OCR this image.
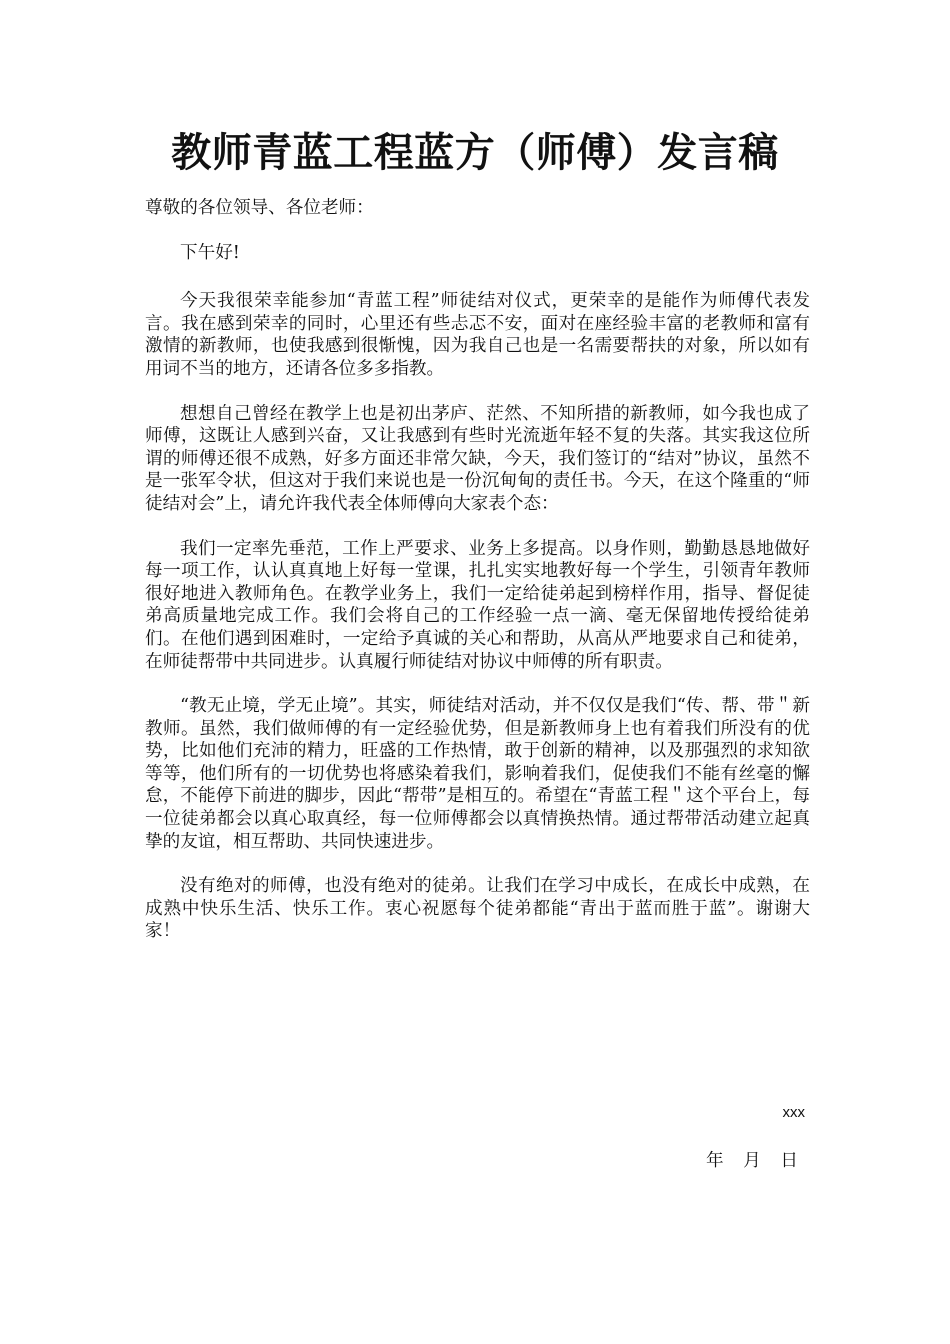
教师青蓝工程蓝方（师傅）发言稿

尊敬的各位领导、各位老师：

下午好!

今天我很荣幸能参加“青蓝工程”师徒结对仪式，更荣幸的是能作为师傅代表发言。我在感到荣幸的同时，心里还有些忐忑不安，面对在座经验丰富的老教师和富有激情的新教师，也使我感到很惭愧，因为我自己也是一名需要帮扶的对象，所以如有用词不当的地方，还请各位多多指教。

想想自己曾经在教学上也是初出茅庐、茫然、不知所措的新教师，如今我也成了师傅，这既让人感到兴奋，又让我感到有些时光流逝年轻不复的失落。其实我这位所谓的师傅还很不成熟，好多方面还非常欠缺，今天，我们签订的“结对”协议，虽然不是一张军令状，但这对于我们来说也是一份沉甸甸的责任书。今天，在这个隆重的“师徒结对会”上，请允许我代表全体师傅向大家表个态：

我们一定率先垂范，工作上严要求、业务上多提高。以身作则，勤勤恳恳地做好每一项工作，认认真真地上好每一堂课，扎扎实实地教好每一个学生，引领青年教师很好地进入教师角色。在教学业务上，我们一定给徒弟起到榜样作用，指导、督促徒弟高质量地完成工作。我们会将自己的工作经验一点一滴、毫无保留地传授给徒弟们。在他们遇到困难时，一定给予真诚的关心和帮助，从高从严地要求自己和徒弟，在师徒帮带中共同进步。认真履行师徒结对协议中师傅的所有职责。

“教无止境，学无止境”。其实，师徒结对活动，并不仅仅是我们“传、帮、带＂新教师。虽然，我们做师傅的有一定经验优势，但是新教师身上也有着我们所没有的优势，比如他们充沛的精力，旺盛的工作热情，敢于创新的精神，以及那强烈的求知欲等等，他们所有的一切优势也将感染着我们，影响着我们，促使我们不能有丝毫的懈怠，不能停下前进的脚步，因此“帮带”是相互的。希望在“青蓝工程＂这个平台上，每一位徒弟都会以真心取真经，每一位师傅都会以真情换热情。通过帮带活动建立起真挚的友谊，相互帮助、共同快速进步。

没有绝对的师傅，也没有绝对的徒弟。让我们在学习中成长，在成长中成熟，在成熟中快乐生活、快乐工作。衷心祝愿每个徒弟都能“青出于蓝而胜于蓝”。谢谢大家！

xxx
年 月 日
